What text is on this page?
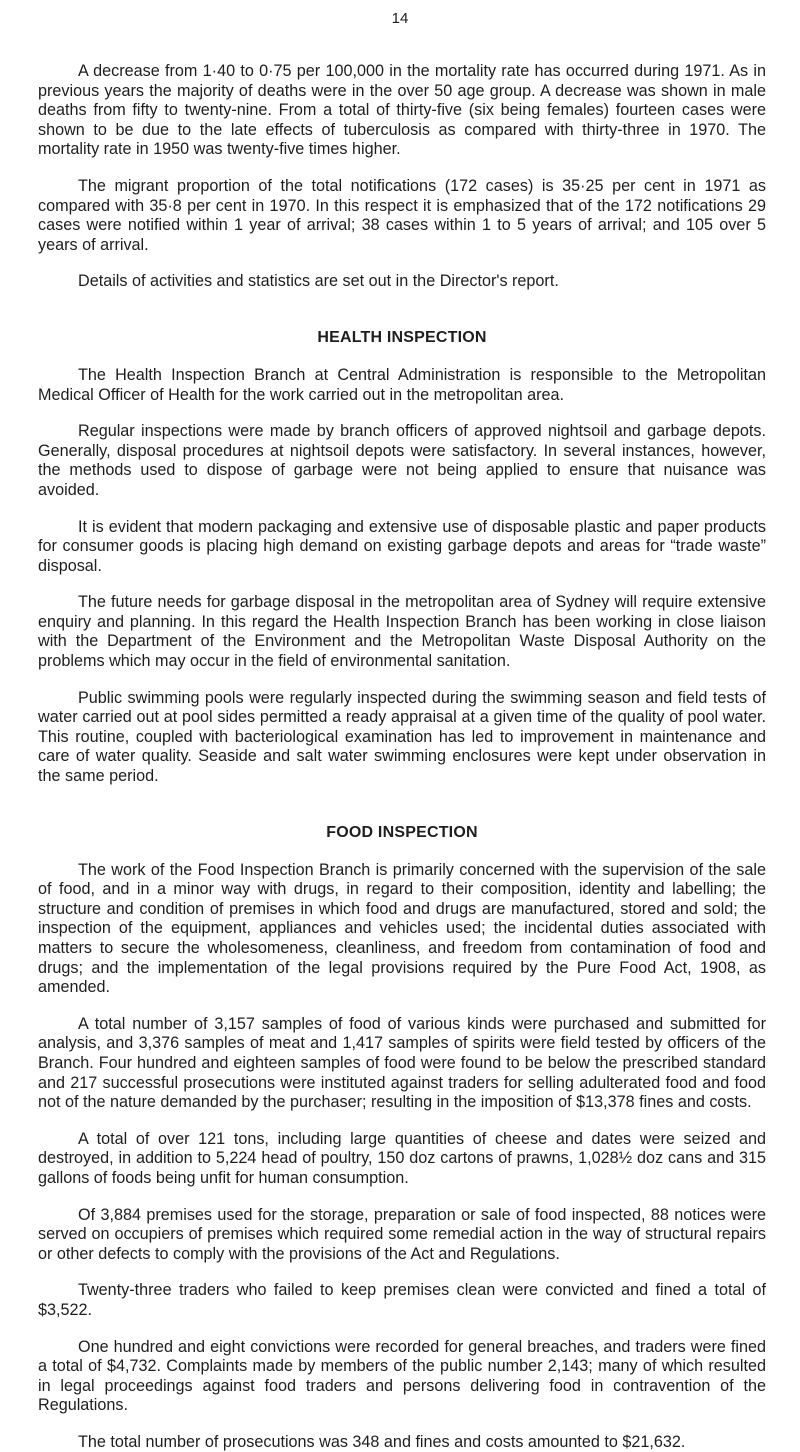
14

A decrease from 1·40 to 0·75 per 100,000 in the mortality rate has occurred during 1971. As in previous years the majority of deaths were in the over 50 age group. A decrease was shown in male deaths from fifty to twenty-nine. From a total of thirty-five (six being females) fourteen cases were shown to be due to the late effects of tuberculosis as compared with thirty-three in 1970. The mortality rate in 1950 was twenty-five times higher.

The migrant proportion of the total notifications (172 cases) is 35·25 per cent in 1971 as compared with 35·8 per cent in 1970. In this respect it is emphasized that of the 172 notifications 29 cases were notified within 1 year of arrival; 38 cases within 1 to 5 years of arrival; and 105 over 5 years of arrival.

Details of activities and statistics are set out in the Director's report.

HEALTH INSPECTION

The Health Inspection Branch at Central Administration is responsible to the Metropolitan Medical Officer of Health for the work carried out in the metropolitan area.

Regular inspections were made by branch officers of approved nightsoil and garbage depots. Generally, disposal procedures at nightsoil depots were satisfactory. In several instances, however, the methods used to dispose of garbage were not being applied to ensure that nuisance was avoided.

It is evident that modern packaging and extensive use of disposable plastic and paper products for consumer goods is placing high demand on existing garbage depots and areas for “trade waste” disposal.

The future needs for garbage disposal in the metropolitan area of Sydney will require extensive enquiry and planning. In this regard the Health Inspection Branch has been working in close liaison with the Department of the Environment and the Metropolitan Waste Disposal Authority on the problems which may occur in the field of environmental sanitation.

Public swimming pools were regularly inspected during the swimming season and field tests of water carried out at pool sides permitted a ready appraisal at a given time of the quality of pool water. This routine, coupled with bacteriological examination has led to improvement in maintenance and care of water quality. Seaside and salt water swimming enclosures were kept under observation in the same period.

FOOD INSPECTION

The work of the Food Inspection Branch is primarily concerned with the supervision of the sale of food, and in a minor way with drugs, in regard to their composition, identity and labelling; the structure and condition of premises in which food and drugs are manufactured, stored and sold; the inspection of the equipment, appliances and vehicles used; the incidental duties associated with matters to secure the wholesomeness, cleanliness, and freedom from contamination of food and drugs; and the implementation of the legal provisions required by the Pure Food Act, 1908, as amended.

A total number of 3,157 samples of food of various kinds were purchased and submitted for analysis, and 3,376 samples of meat and 1,417 samples of spirits were field tested by officers of the Branch. Four hundred and eighteen samples of food were found to be below the prescribed standard and 217 successful prosecutions were instituted against traders for selling adulterated food and food not of the nature demanded by the purchaser; resulting in the imposition of $13,378 fines and costs.

A total of over 121 tons, including large quantities of cheese and dates were seized and destroyed, in addition to 5,224 head of poultry, 150 doz cartons of prawns, 1,028½ doz cans and 315 gallons of foods being unfit for human consumption.

Of 3,884 premises used for the storage, preparation or sale of food inspected, 88 notices were served on occupiers of premises which required some remedial action in the way of structural repairs or other defects to comply with the provisions of the Act and Regulations.

Twenty-three traders who failed to keep premises clean were convicted and fined a total of $3,522.

One hundred and eight convictions were recorded for general breaches, and traders were fined a total of $4,732. Complaints made by members of the public number 2,143; many of which resulted in legal proceedings against food traders and persons delivering food in contravention of the Regulations.

The total number of prosecutions was 348 and fines and costs amounted to $21,632.
